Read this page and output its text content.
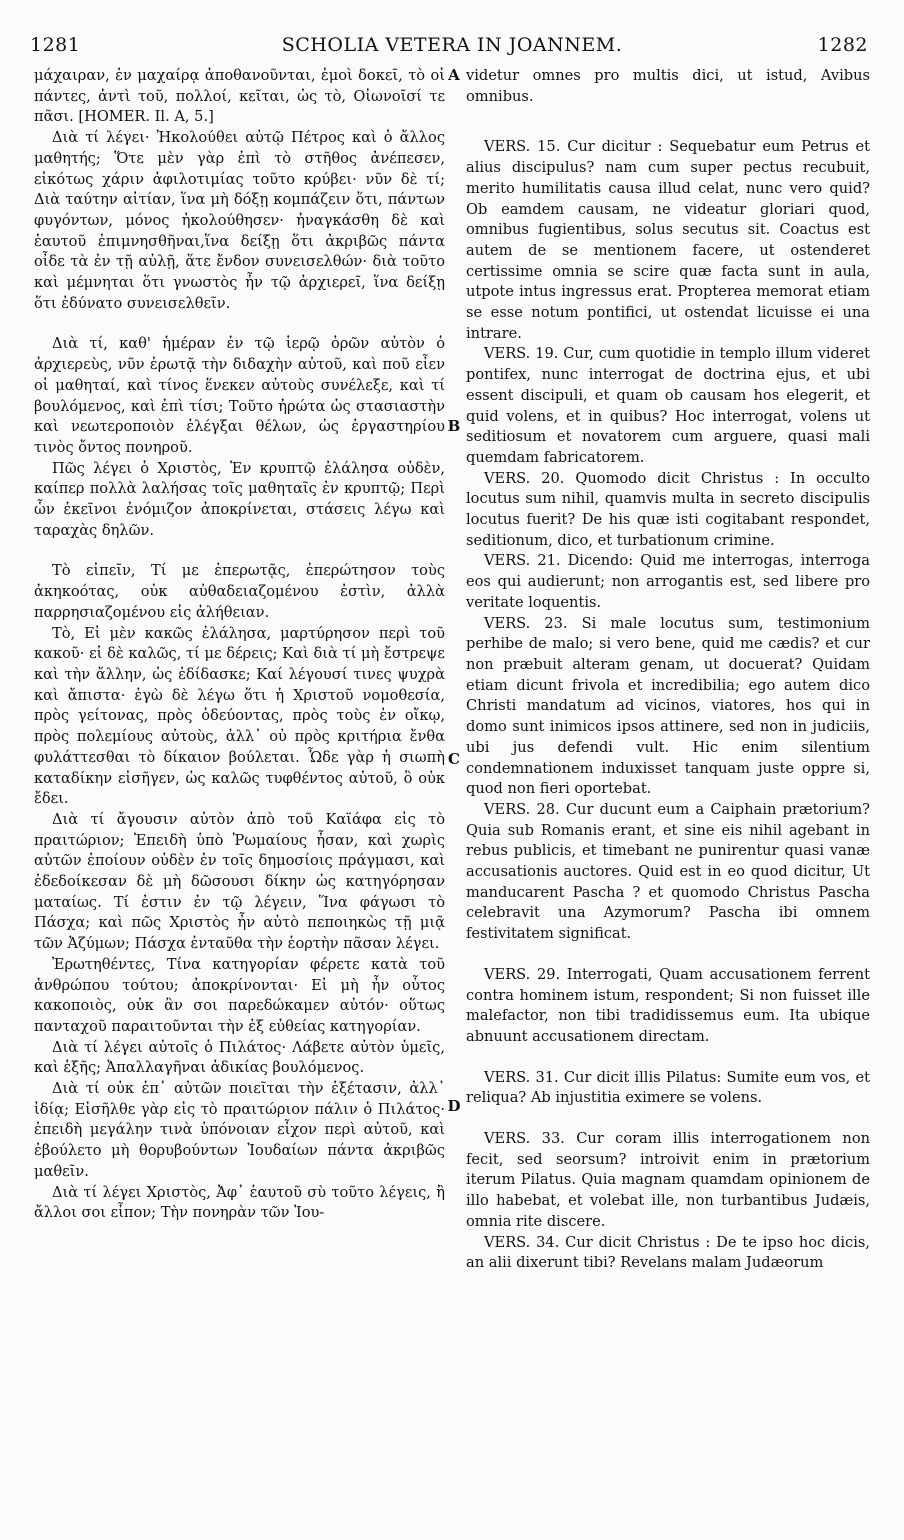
1281	SCHOLIA VETERA IN JOANNEM.	1282

μάχαιραν, ἐν μαχαίρᾳ ἀποθανοῦνται, ἐμοὶ δοκεῖ, τὸ οἱ πάντες, ἀντὶ τοῦ, πολλοί, κεῖται, ὡς τὸ, Οἰωνοῖσί τε πᾶσι. [HOMER. Il. A, 5.]

Διὰ τί λέγει· Ἠκολούθει αὐτῷ Πέτρος καὶ ὁ ἄλλος μαθητής; Ὅτε μὲν γὰρ ἐπὶ τὸ στῆθος ἀνέπεσεν, εἰκότως χάριν ἀφιλοτιμίας τοῦτο κρύβει· νῦν δὲ τί; Διὰ ταύτην αἰτίαν, ἵνα μὴ δόξῃ κομπάζειν ὅτι, πάντων φυγόντων, μόνος ἠκολούθησεν· ἠναγκάσθη δὲ καὶ ἑαυτοῦ ἐπιμνησθῆναι,ἵνα δείξῃ ὅτι ἀκριβῶς πάντα οἶδε τὰ ἐν τῇ αὐλῇ, ἅτε ἔνδον συνεισελθών· διὰ τοῦτο καὶ μέμνηται ὅτι γνωστὸς ἦν τῷ ἀρχιερεῖ, ἵνα δείξῃ ὅτι ἐδύνατο συνεισελθεῖν.

Διὰ τί, καθ' ἡμέραν ἐν τῷ ἱερῷ ὁρῶν αὐτὸν ὁ ἀρχιερεὺς, νῦν ἐρωτᾷ τὴν διδαχὴν αὐτοῦ, καὶ ποῦ εἶεν οἱ μαθηταί, καὶ τίνος ἕνεκεν αὐτοὺς συνέλεξε, καὶ τί βουλόμενος, καὶ ἐπὶ τίσι; Τοῦτο ἠρώτα ὡς στασιαστὴν καὶ νεωτεροποιὸν ἐλέγξαι θέλων, ὡς ἐργαστηρίου τινὸς ὄντος πονηροῦ.

Πῶς λέγει ὁ Χριστὸς, Ἐν κρυπτῷ ἐλάλησα οὐδὲν, καίπερ πολλὰ λαλήσας τοῖς μαθηταῖς ἐν κρυπτῷ; Περὶ ὧν ἐκεῖνοι ἐνόμιζον ἀποκρίνεται, στάσεις λέγω καὶ ταραχὰς δηλῶν.

Τὸ εἰπεῖν, Τί με ἐπερωτᾷς, ἐπερώτησον τοὺς ἀκηκοότας, οὐκ αὐθαδειαζομένου ἐστὶν, ἀλλὰ παρρησιαζομένου εἰς ἀλήθειαν.

Τὸ, Εἰ μὲν κακῶς ἐλάλησα, μαρτύρησον περὶ τοῦ κακοῦ· εἰ δὲ καλῶς, τί με δέρεις; Καὶ διὰ τί μὴ ἔστρεψε καὶ τὴν ἄλλην, ὡς ἐδίδασκε; Καί λέγουσί τινες ψυχρὰ καὶ ἄπιστα· ἐγὼ δὲ λέγω ὅτι ἡ Χριστοῦ νομοθεσία, πρὸς γείτονας, πρὸς ὁδεύοντας, πρὸς τοὺς ἐν οἴκῳ, πρὸς πολεμίους αὐτοὺς, ἀλλ᾽ οὐ πρὸς κριτήρια ἔνθα φυλάττεσθαι τὸ δίκαιον βούλεται. Ὧδε γὰρ ἡ σιωπὴ καταδίκην εἰσῆγεν, ὡς καλῶς τυφθέντος αὐτοῦ, ὃ οὐκ ἔδει.

Διὰ τί ἄγουσιν αὐτὸν ἀπὸ τοῦ Καϊάφα εἰς τὸ πραιτώριον; Ἐπειδὴ ὑπὸ Ῥωμαίους ἦσαν, καὶ χωρὶς αὐτῶν ἐποίουν οὐδὲν ἐν τοῖς δημοσίοις πράγμασι, καὶ ἐδεδοίκεσαν δὲ μὴ δῶσουσι δίκην ὡς κατηγόρησαν ματαίως. Τί ἐστιν ἐν τῷ λέγειν, Ἵνα φάγωσι τὸ Πάσχα; καὶ πῶς Χριστὸς ἦν αὐτὸ πεποιηκὼς τῇ μιᾷ τῶν Ἀζύμων; Πάσχα ἐνταῦθα τὴν ἑορτὴν πᾶσαν λέγει.

Ἐρωτηθέντες, Τίνα κατηγορίαν φέρετε κατὰ τοῦ ἀνθρώπου τούτου; ἀποκρίνονται· Εἰ μὴ ἦν οὗτος κακοποιὸς, οὐκ ἂν σοι παρεδώκαμεν αὐτόν· οὕτως πανταχοῦ παραιτοῦνται τὴν ἐξ εὐθείας κατηγορίαν.

Διὰ τί λέγει αὐτοῖς ὁ Πιλάτος· Λάβετε αὐτὸν ὑμεῖς, καὶ ἑξῆς; Ἀπαλλαγῆναι ἀδικίας βουλόμενος.

Διὰ τί οὐκ ἐπ᾽ αὐτῶν ποιεῖται τὴν ἐξέτασιν, ἀλλ᾽ ἰδίᾳ; Εἰσῆλθε γὰρ εἰς τὸ πραιτώριον πάλιν ὁ Πιλάτος· ἐπειδὴ μεγάλην τινὰ ὑπόνοιαν εἶχον περὶ αὐτοῦ, καὶ ἐβούλετο μὴ θορυβούντων Ἰουδαίων πάντα ἀκριβῶς μαθεῖν.

Διὰ τί λέγει Χριστὸς, Ἀφ᾽ ἑαυτοῦ σὺ τοῦτο λέγεις, ἢ ἄλλοι σοι εἶπον; Τὴν πονηρὰν τῶν Ἰου-

A
B
C
D

videtur omnes pro multis dici, ut istud, Avibus omnibus.

VERS. 15. Cur dicitur : Sequebatur eum Petrus et alius discipulus? nam cum super pectus recubuit, merito humilitatis causa illud celat, nunc vero quid? Ob eamdem causam, ne videatur gloriari quod, omnibus fugientibus, solus secutus sit. Coactus est autem de se mentionem facere, ut ostenderet certissime omnia se scire quæ facta sunt in aula, utpote intus ingressus erat. Propterea memorat etiam se esse notum pontifici, ut ostendat licuisse ei una intrare.

VERS. 19. Cur, cum quotidie in templo illum videret pontifex, nunc interrogat de doctrina ejus, et ubi essent discipuli, et quam ob causam hos elegerit, et quid volens, et in quibus? Hoc interrogat, volens ut seditiosum et novatorem cum arguere, quasi mali quemdam fabricatorem.

VERS. 20. Quomodo dicit Christus : In occulto locutus sum nihil, quamvis multa in secreto discipulis locutus fuerit? De his quæ isti cogitabant respondet, seditionum, dico, et turbationum crimine.

VERS. 21. Dicendo: Quid me interrogas, interroga eos qui audierunt; non arrogantis est, sed libere pro veritate loquentis.

VERS. 23. Si male locutus sum, testimonium perhibe de malo; si vero bene, quid me cædis? et cur non præbuit alteram genam, ut docuerat? Quidam etiam dicunt frivola et incredibilia; ego autem dico Christi mandatum ad vicinos, viatores, hos qui in domo sunt inimicos ipsos attinere, sed non in judiciis, ubi jus defendi vult. Hic enim silentium condemnationem induxisset tanquam juste oppre si, quod non fieri oportebat.

VERS. 28. Cur ducunt eum a Caiphain prætorium? Quia sub Romanis erant, et sine eis nihil agebant in rebus publicis, et timebant ne punirentur quasi vanæ accusationis auctores. Quid est in eo quod dicitur, Ut manducarent Pascha ? et quomodo Christus Pascha celebravit una Azymorum? Pascha ibi omnem festivitatem significat.

VERS. 29. Interrogati, Quam accusationem ferrent contra hominem istum, respondent; Si non fuisset ille malefactor, non tibi tradidissemus eum. Ita ubique abnuunt accusationem directam.

VERS. 31. Cur dicit illis Pilatus: Sumite eum vos, et reliqua? Ab injustitia eximere se volens.

VERS. 33. Cur coram illis interrogationem non fecit, sed seorsum? introivit enim in prætorium iterum Pilatus. Quia magnam quamdam opinionem de illo habebat, et volebat ille, non turbantibus Judæis, omnia rite discere.

VERS. 34. Cur dicit Christus : De te ipso hoc dicis, an alii dixerunt tibi? Revelans malam Judæorum
